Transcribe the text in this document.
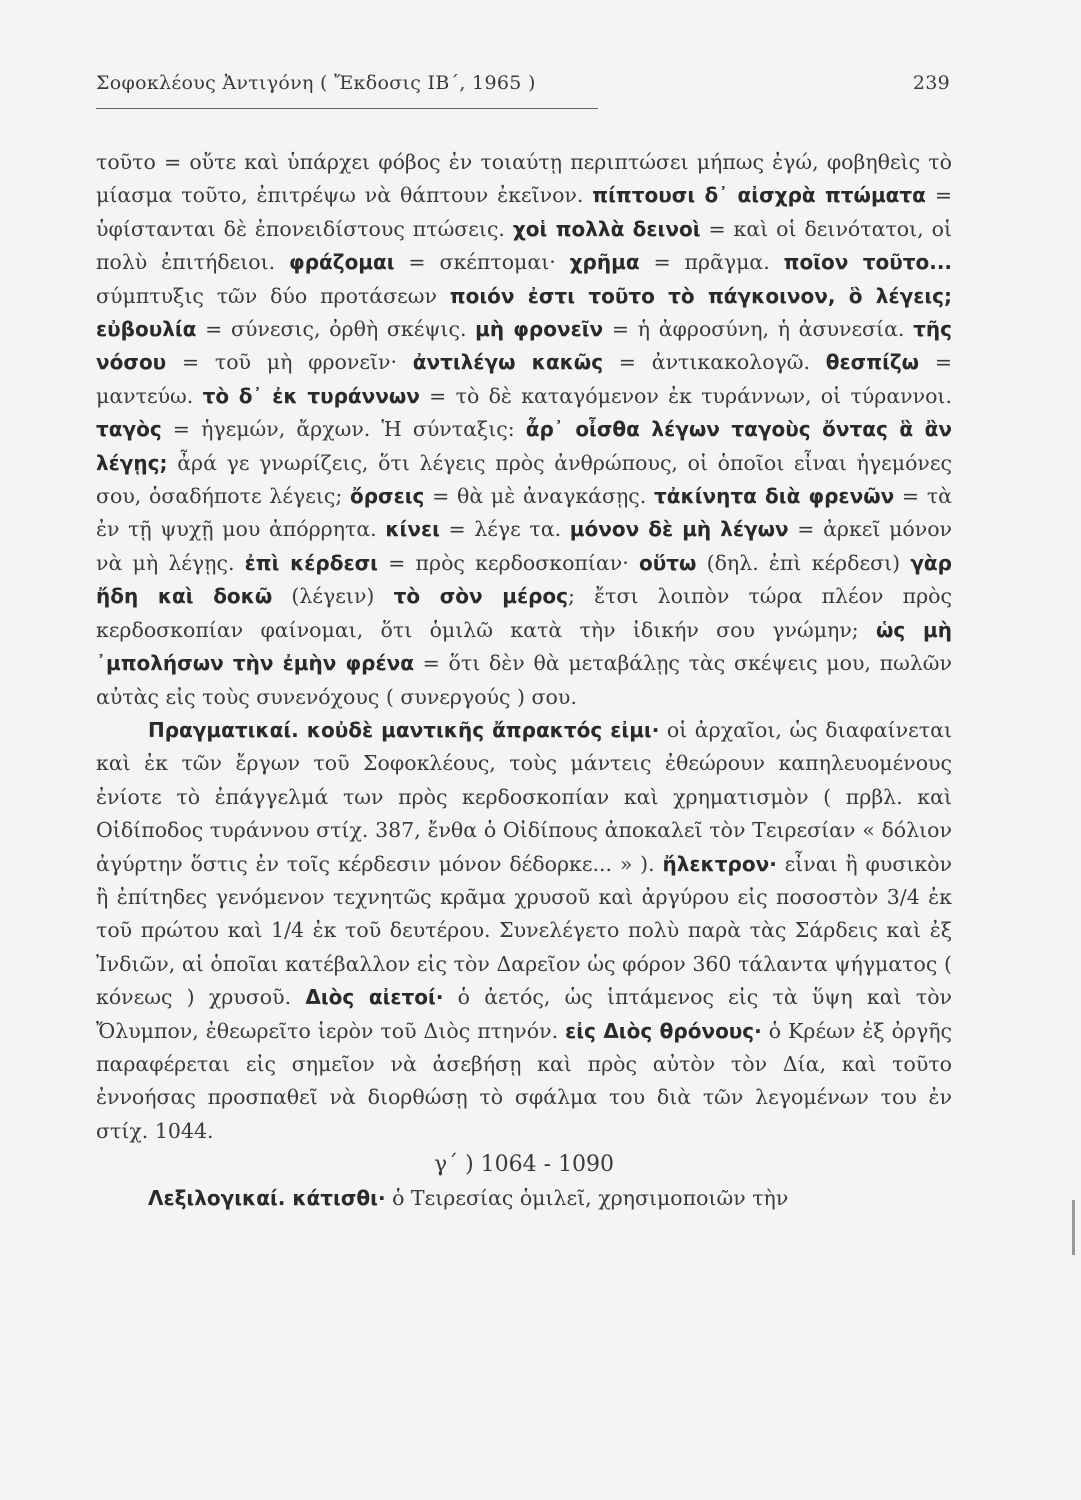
Σοφοκλέους Ἀντιγόνη ( Ἔκδοσις ΙΒ΄, 1965 )	239

τοῦτο = οὔτε καὶ ὑπάρχει φόβος ἐν τοιαύτῃ περιπτώσει μήπως ἐγώ, φοβηθεὶς τὸ μίασμα τοῦτο, ἐπιτρέψω νὰ θάπτουν ἐκεῖνον. πίπτουσι δ᾽ αἰσχρὰ πτώματα = ὑφίστανται δὲ ἐπονειδίστους πτώσεις. χοἱ πολλὰ δεινοὶ = καὶ οἱ δεινότατοι, οἱ πολὺ ἐπιτήδειοι. φράζομαι = σκέπτομαι· χρῆμα = πρᾶγμα. ποῖον τοῦτο... σύμπτυξις τῶν δύο προτάσεων ποιόν ἐστι τοῦτο τὸ πάγκοινον, ὃ λέγεις; εὐβουλία = σύνεσις, ὀρθὴ σκέψις. μὴ φρονεῖν = ἡ ἀφροσύνη, ἡ ἀσυνεσία. τῆς νόσου = τοῦ μὴ φρονεῖν· ἀντιλέγω κακῶς = ἀντικακολογῶ. θεσπίζω = μαντεύω. τὸ δ᾽ ἐκ τυράννων = τὸ δὲ καταγόμενον ἐκ τυράννων, οἱ τύραννοι. ταγὸς = ἡγεμών, ἄρχων. Ἡ σύνταξις: ἆρ᾽ οἶσθα λέγων ταγοὺς ὄντας ἃ ἂν λέγῃς; ἆρά γε γνωρίζεις, ὅτι λέγεις πρὸς ἀνθρώπους, οἱ ὁποῖοι εἶναι ἡγεμόνες σου, ὁσαδήποτε λέγεις; ὄρσεις = θὰ μὲ ἀναγκάσῃς. τἀκίνητα διὰ φρενῶν = τὰ ἐν τῇ ψυχῇ μου ἀπόρρητα. κίνει = λέγε τα. μόνον δὲ μὴ λέγων = ἀρκεῖ μόνον νὰ μὴ λέγῃς. ἐπὶ κέρδεσι = πρὸς κερδοσκοπίαν· οὕτω (δηλ. ἐπὶ κέρδεσι) γὰρ ἤδη καὶ δοκῶ (λέγειν) τὸ σὸν μέρος; ἔτσι λοιπὸν τώρα πλέον πρὸς κερδοσκοπίαν φαίνομαι, ὅτι ὁμιλῶ κατὰ τὴν ἰδικήν σου γνώμην; ὡς μὴ ᾽μπολήσων τὴν ἐμὴν φρένα = ὅτι δὲν θὰ μεταβάλῃς τὰς σκέψεις μου, πωλῶν αὐτὰς εἰς τοὺς συνενόχους ( συνεργούς ) σου.

Πραγματικαί. κοὐδὲ μαντικῆς ἄπρακτός εἰμι· οἱ ἀρχαῖοι, ὡς διαφαίνεται καὶ ἐκ τῶν ἔργων τοῦ Σοφοκλέους, τοὺς μάντεις ἐθεώρουν καπηλευομένους ἐνίοτε τὸ ἐπάγγελμά των πρὸς κερδοσκοπίαν καὶ χρηματισμὸν ( πρβλ. καὶ Οἰδίποδος τυράννου στίχ. 387, ἔνθα ὁ Οἰδίπους ἀποκαλεῖ τὸν Τειρεσίαν « δόλιον ἀγύρτην ὅστις ἐν τοῖς κέρδεσιν μόνον δέδορκε... » ). ἤλεκτρον· εἶναι ἢ φυσικὸν ἢ ἐπίτηδες γενόμενον τεχνητῶς κρᾶμα χρυσοῦ καὶ ἀργύρου εἰς ποσοστὸν 3/4 ἐκ τοῦ πρώτου καὶ 1/4 ἐκ τοῦ δευτέρου. Συνελέγετο πολὺ παρὰ τὰς Σάρδεις καὶ ἐξ Ἰνδιῶν, αἱ ὁποῖαι κατέβαλλον εἰς τὸν Δαρεῖον ὡς φόρον 360 τάλαντα ψήγματος ( κόνεως ) χρυσοῦ. Διὸς αἰετοί· ὁ ἀετός, ὡς ἱπτάμενος εἰς τὰ ὕψη καὶ τὸν Ὄλυμπον, ἐθεωρεῖτο ἱερὸν τοῦ Διὸς πτηνόν. εἰς Διὸς θρόνους· ὁ Κρέων ἐξ ὀργῆς παραφέρεται εἰς σημεῖον νὰ ἀσεβήσῃ καὶ πρὸς αὐτὸν τὸν Δία, καὶ τοῦτο ἐννοήσας προσπαθεῖ νὰ διορθώσῃ τὸ σφάλμα του διὰ τῶν λεγομένων του ἐν στίχ. 1044.

γ΄ ) 1064 - 1090

Λεξιλογικαί. κάτισθι· ὁ Τειρεσίας ὁμιλεῖ, χρησιμοποιῶν τὴν
